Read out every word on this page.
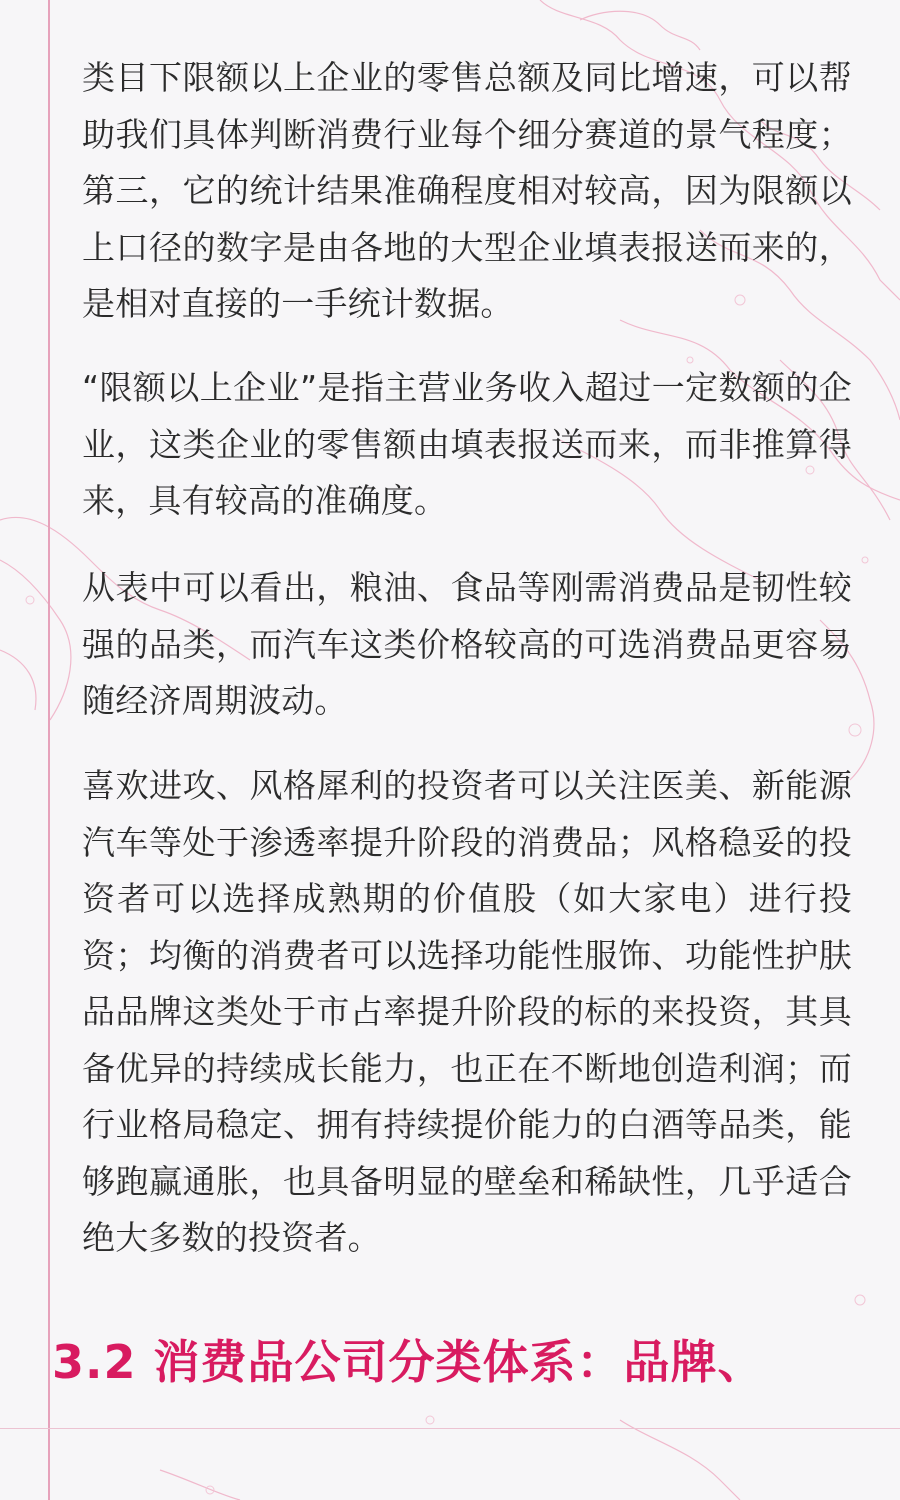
类目下限额以上企业的零售总额及同比增速，可以帮助我们具体判断消费行业每个细分赛道的景气程度；第三，它的统计结果准确程度相对较高，因为限额以上口径的数字是由各地的大型企业填表报送而来的，是相对直接的一手统计数据。

“限额以上企业”是指主营业务收入超过一定数额的企业，这类企业的零售额由填表报送而来，而非推算得来，具有较高的准确度。

从表中可以看出，粮油、食品等刚需消费品是韧性较强的品类，而汽车这类价格较高的可选消费品更容易随经济周期波动。

喜欢进攻、风格犀利的投资者可以关注医美、新能源汽车等处于渗透率提升阶段的消费品；风格稳妥的投资者可以选择成熟期的价值股（如大家电）进行投资；均衡的消费者可以选择功能性服饰、功能性护肤品品牌这类处于市占率提升阶段的标的来投资，其具备优异的持续成长能力，也正在不断地创造利润；而行业格局稳定、拥有持续提价能力的白酒等品类，能够跑赢通胀，也具备明显的壁垒和稀缺性，几乎适合绝大多数的投资者。

3.2 消费品公司分类体系：品牌、
